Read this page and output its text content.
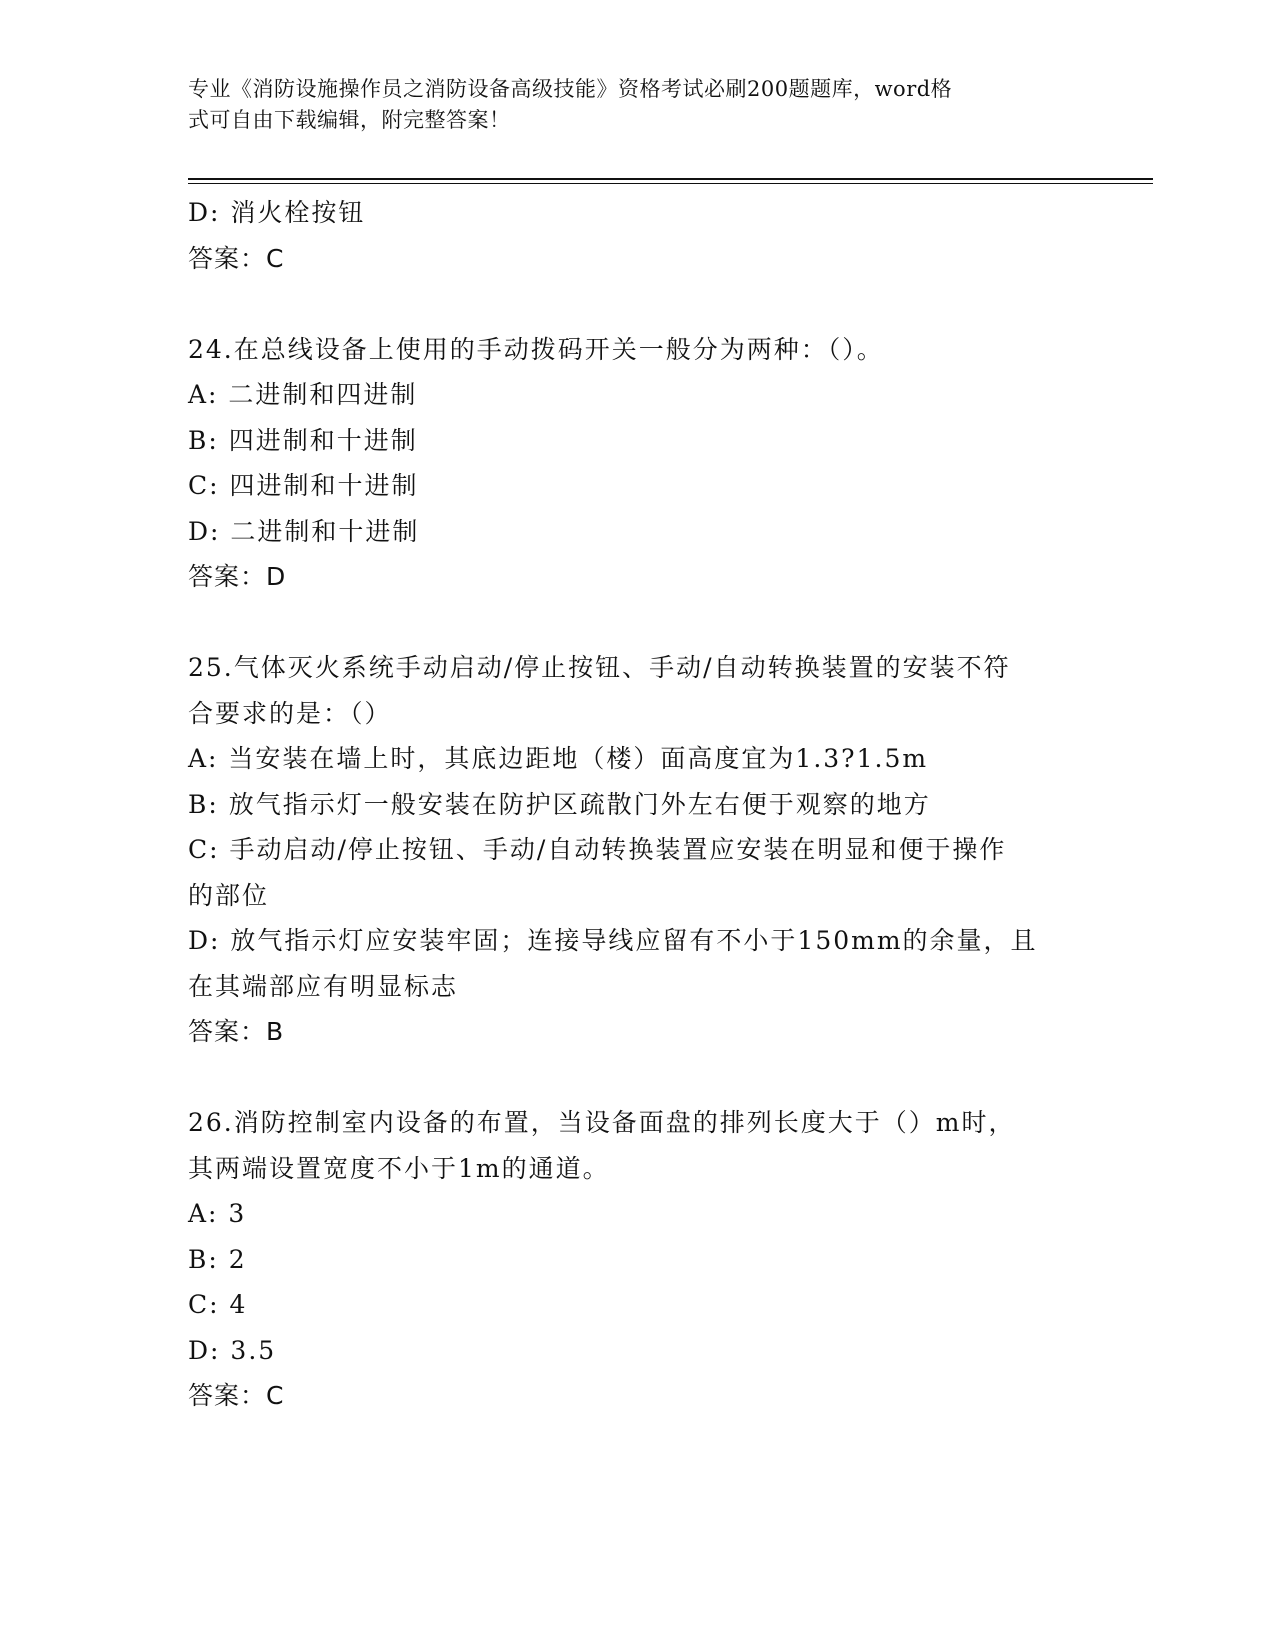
专业《消防设施操作员之消防设备高级技能》资格考试必刷200题题库，word格
式可自由下载编辑，附完整答案！
D: 消火栓按钮
答案：C
24.在总线设备上使用的手动拨码开关一般分为两种：（）。
A: 二进制和四进制
B: 四进制和十进制
C: 四进制和十进制
D: 二进制和十进制
答案：D
25.气体灭火系统手动启动/停止按钮、手动/自动转换装置的安装不符
合要求的是：（）
A: 当安装在墙上时，其底边距地（楼）面高度宜为1.3?1.5m
B: 放气指示灯一般安装在防护区疏散门外左右便于观察的地方
C: 手动启动/停止按钮、手动/自动转换装置应安装在明显和便于操作
的部位
D: 放气指示灯应安装牢固；连接导线应留有不小于150mm的余量，且
在其端部应有明显标志
答案：B
26.消防控制室内设备的布置，当设备面盘的排列长度大于（）m时，
其两端设置宽度不小于1m的通道。
A: 3
B: 2
C: 4
D: 3.5
答案：C
